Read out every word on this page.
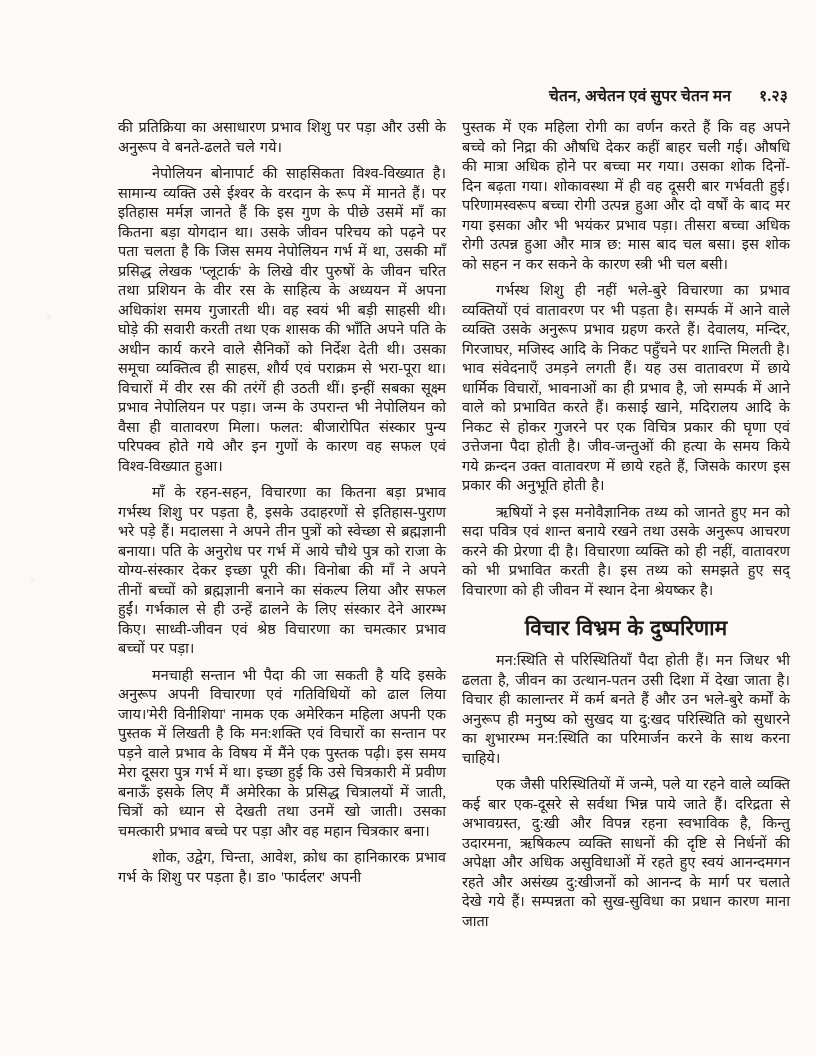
चेतन, अचेतन एवं सुपर चेतन मन १.२३

की प्रतिक्रिया का असाधारण प्रभाव शिशु पर पड़ा और उसी के अनुरूप वे बनते-ढलते चले गये।

नेपोलियन बोनापार्ट की साहसिकता विश्व-विख्यात है। सामान्य व्यक्ति उसे ईश्वर के वरदान के रूप में मानते हैं। पर इतिहास मर्मज्ञ जानते हैं कि इस गुण के पीछे उसमें माँ का कितना बड़ा योगदान था। उसके जीवन परिचय को पढ़ने पर पता चलता है कि जिस समय नेपोलियन गर्भ में था, उसकी माँ प्रसिद्ध लेखक 'प्लूटार्क' के लिखे वीर पुरुषों के जीवन चरित तथा प्रशियन के वीर रस के साहित्य के अध्ययन में अपना अधिकांश समय गुजारती थी। वह स्वयं भी बड़ी साहसी थी। घोड़े की सवारी करती तथा एक शासक की भाँति अपने पति के अधीन कार्य करने वाले सैनिकों को निर्देश देती थी। उसका समूचा व्यक्तित्व ही साहस, शौर्य एवं पराक्रम से भरा-पूरा था। विचारों में वीर रस की तरंगें ही उठती थीं। इन्हीं सबका सूक्ष्म प्रभाव नेपोलियन पर पड़ा। जन्म के उपरान्त भी नेपोलियन को वैसा ही वातावरण मिला। फलत: बीजारोपित संस्कार पुन्य परिपक्व होते गये और इन गुणों के कारण वह सफल एवं विश्व-विख्यात हुआ।

माँ के रहन-सहन, विचारणा का कितना बड़ा प्रभाव गर्भस्थ शिशु पर पड़ता है, इसके उदाहरणों से इतिहास-पुराण भरे पड़े हैं। मदालसा ने अपने तीन पुत्रों को स्वेच्छा से ब्रह्मज्ञानी बनाया। पति के अनुरोध पर गर्भ में आये चौथे पुत्र को राजा के योग्य-संस्कार देकर इच्छा पूरी की। विनोबा की माँ ने अपने तीनों बच्चों को ब्रह्मज्ञानी बनाने का संकल्प लिया और सफल हुईं। गर्भकाल से ही उन्हें ढालने के लिए संस्कार देने आरम्भ किए। साध्वी-जीवन एवं श्रेष्ठ विचारणा का चमत्कार प्रभाव बच्चों पर पड़ा।

मनचाही सन्तान भी पैदा की जा सकती है यदि इसके अनुरूप अपनी विचारणा एवं गतिविधियों को ढाल लिया जाय।'मेरी विनीशिया' नामक एक अमेरिकन महिला अपनी एक पुस्तक में लिखती है कि मन:शक्ति एवं विचारों का सन्तान पर पड़ने वाले प्रभाव के विषय में मैंने एक पुस्तक पढ़ी। इस समय मेरा दूसरा पुत्र गर्भ में था। इच्छा हुई कि उसे चित्रकारी में प्रवीण बनाऊँ इसके लिए मैं अमेरिका के प्रसिद्ध चित्रालयों में जाती, चित्रों को ध्यान से देखती तथा उनमें खो जाती। उसका चमत्कारी प्रभाव बच्चे पर पड़ा और वह महान चित्रकार बना।

शोक, उद्वेग, चिन्ता, आवेश, क्रोध का हानिकारक प्रभाव गर्भ के शिशु पर पड़ता है। डा० 'फार्दलर' अपनी

पुस्तक में एक महिला रोगी का वर्णन करते हैं कि वह अपने बच्चे को निद्रा की औषधि देकर कहीं बाहर चली गई। औषधि की मात्रा अधिक होने पर बच्चा मर गया। उसका शोक दिनों-दिन बढ़ता गया। शोकावस्था में ही वह दूसरी बार गर्भवती हुई। परिणामस्वरूप बच्चा रोगी उत्पन्न हुआ और दो वर्षों के बाद मर गया इसका और भी भयंकर प्रभाव पड़ा। तीसरा बच्चा अधिक रोगी उत्पन्न हुआ और मात्र छ: मास बाद चल बसा। इस शोक को सहन न कर सकने के कारण स्त्री भी चल बसी।

गर्भस्थ शिशु ही नहीं भले-बुरे विचारणा का प्रभाव व्यक्तियों एवं वातावरण पर भी पड़ता है। सम्पर्क में आने वाले व्यक्ति उसके अनुरूप प्रभाव ग्रहण करते हैं। देवालय, मन्दिर, गिरजाघर, मजिस्द आदि के निकट पहुँचने पर शान्ति मिलती है। भाव संवेदनाएँ उमड़ने लगती हैं। यह उस वातावरण में छाये धार्मिक विचारों, भावनाओं का ही प्रभाव है, जो सम्पर्क में आने वाले को प्रभावित करते हैं। कसाई खाने, मदिरालय आदि के निकट से होकर गुजरने पर एक विचित्र प्रकार की घृणा एवं उत्तेजना पैदा होती है। जीव-जन्तुओं की हत्या के समय किये गये क्रन्दन उक्त वातावरण में छाये रहते हैं, जिसके कारण इस प्रकार की अनुभूति होती है।

ऋषियों ने इस मनोवैज्ञानिक तथ्य को जानते हुए मन को सदा पवित्र एवं शान्त बनाये रखने तथा उसके अनुरूप आचरण करने की प्रेरणा दी है। विचारणा व्यक्ति को ही नहीं, वातावरण को भी प्रभावित करती है। इस तथ्य को समझते हुए सद् विचारणा को ही जीवन में स्थान देना श्रेयष्कर है।

विचार विभ्रम के दुष्परिणाम

मन:स्थिति से परिस्थितियाँ पैदा होती हैं। मन जिधर भी ढलता है, जीवन का उत्थान-पतन उसी दिशा में देखा जाता है। विचार ही कालान्तर में कर्म बनते हैं और उन भले-बुरे कर्मों के अनुरूप ही मनुष्य को सुखद या दु:खद परिस्थिति को सुधारने का शुभारम्भ मन:स्थिति का परिमार्जन करने के साथ करना चाहिये।

एक जैसी परिस्थितियों में जन्मे, पले या रहने वाले व्यक्ति कई बार एक-दूसरे से सर्वथा भिन्न पाये जाते हैं। दरिद्रता से अभावग्रस्त, दु:खी और विपन्न रहना स्वभाविक है, किन्तु उदारमना, ऋषिकल्प व्यक्ति साधनों की दृष्टि से निर्धनों की अपेक्षा और अधिक असुविधाओं में रहते हुए स्वयं आनन्दमगन रहते और असंख्य दु:खीजनों को आनन्द के मार्ग पर चलाते देखे गये हैं। सम्पन्नता को सुख-सुविधा का प्रधान कारण माना जाता
